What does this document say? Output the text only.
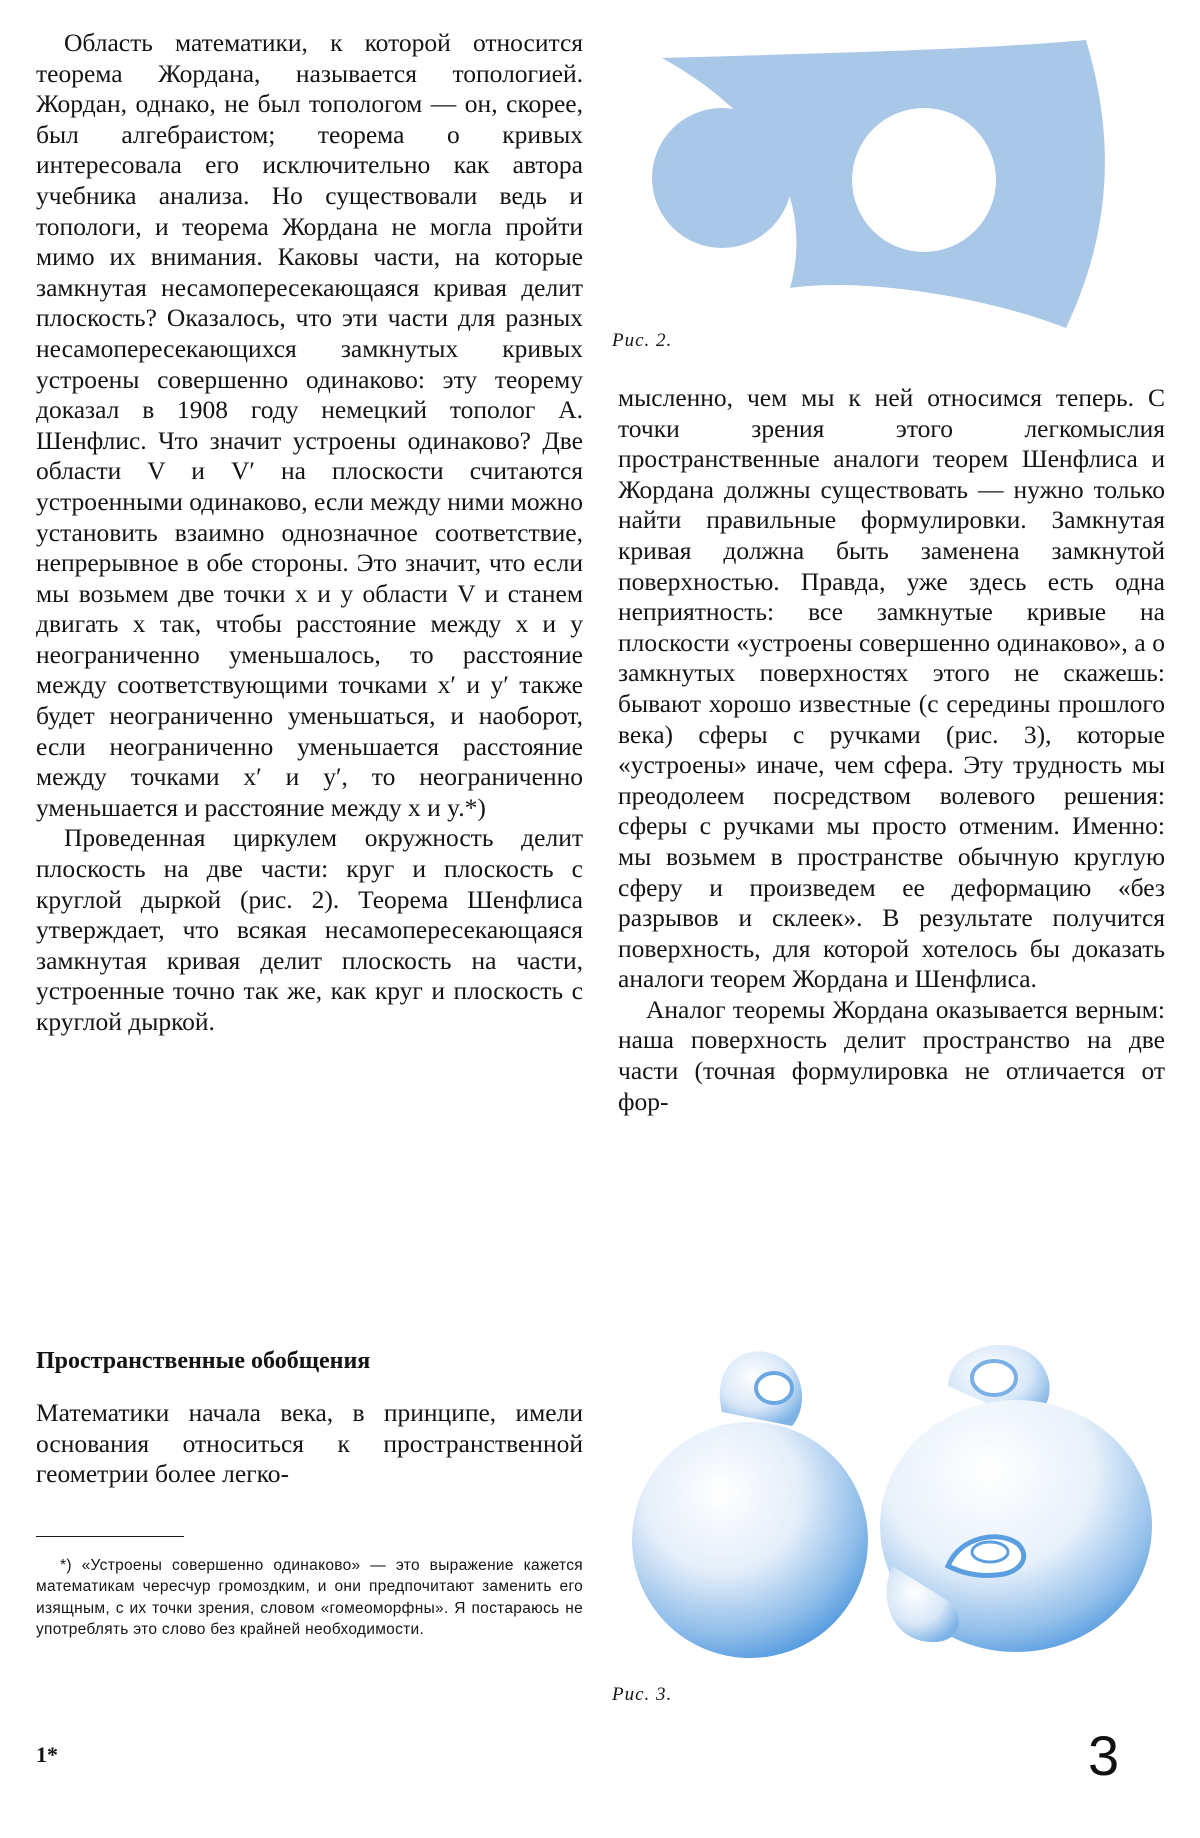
Область математики, к которой относится теорема Жордана, называется топологией. Жордан, однако, не был топологом — он, скорее, был алгебраистом; теорема о кривых интересовала его исключительно как автора учебника анализа. Но существовали ведь и топологи, и теорема Жордана не могла пройти мимо их внимания. Каковы части, на которые замкнутая несамопересекающаяся кривая делит плоскость? Оказалось, что эти части для разных несамопересекающихся замкнутых кривых устроены совершенно одинаково: эту теорему доказал в 1908 году немецкий тополог А. Шенфлис. Что значит устроены одинаково? Две области V и V′ на плоскости считаются устроенными одинаково, если между ними можно установить взаимно однозначное соответствие, непрерывное в обе стороны. Это значит, что если мы возьмем две точки x и y области V и станем двигать x так, чтобы расстояние между x и y неограниченно уменьшалось, то расстояние между соответствующими точками x′ и y′ также будет неограниченно уменьшаться, и наоборот, если неограниченно уменьшается расстояние между точками x′ и y′, то неограниченно уменьшается и расстояние между x и y.*)

Проведенная циркулем окружность делит плоскость на две части: круг и плоскость с круглой дыркой (рис. 2). Теорема Шенфлиса утверждает, что всякая несамопересекающаяся замкнутая кривая делит плоскость на части, устроенные точно так же, как круг и плоскость с круглой дыркой.

Рис. 2.

мысленно, чем мы к ней относимся теперь. С точки зрения этого легкомыслия пространственные аналоги теорем Шенфлиса и Жордана должны существовать — нужно только найти правильные формулировки. Замкнутая кривая должна быть заменена замкнутой поверхностью. Правда, уже здесь есть одна неприятность: все замкнутые кривые на плоскости «устроены совершенно одинаково», а о замкнутых поверхностях этого не скажешь: бывают хорошо известные (с середины прошлого века) сферы с ручками (рис. 3), которые «устроены» иначе, чем сфера. Эту трудность мы преодолеем посредством волевого решения: сферы с ручками мы просто отменим. Именно: мы возьмем в пространстве обычную круглую сферу и произведем ее деформацию «без разрывов и склеек». В результате получится поверхность, для которой хотелось бы доказать аналоги теорем Жордана и Шенфлиса.

Аналог теоремы Жордана оказывается верным: наша поверхность делит пространство на две части (точная формулировка не отличается от фор-

Пространственные обобщения

Математики начала века, в принципе, имели основания относиться к пространственной геометрии более легко-

*) «Устроены совершенно одинаково» — это выражение кажется математикам чересчур громоздким, и они предпочитают заменить его изящным, с их точки зрения, словом «гомеоморфны». Я постараюсь не употреблять это слово без крайней необходимости.
Рис. 3.
1*	3
